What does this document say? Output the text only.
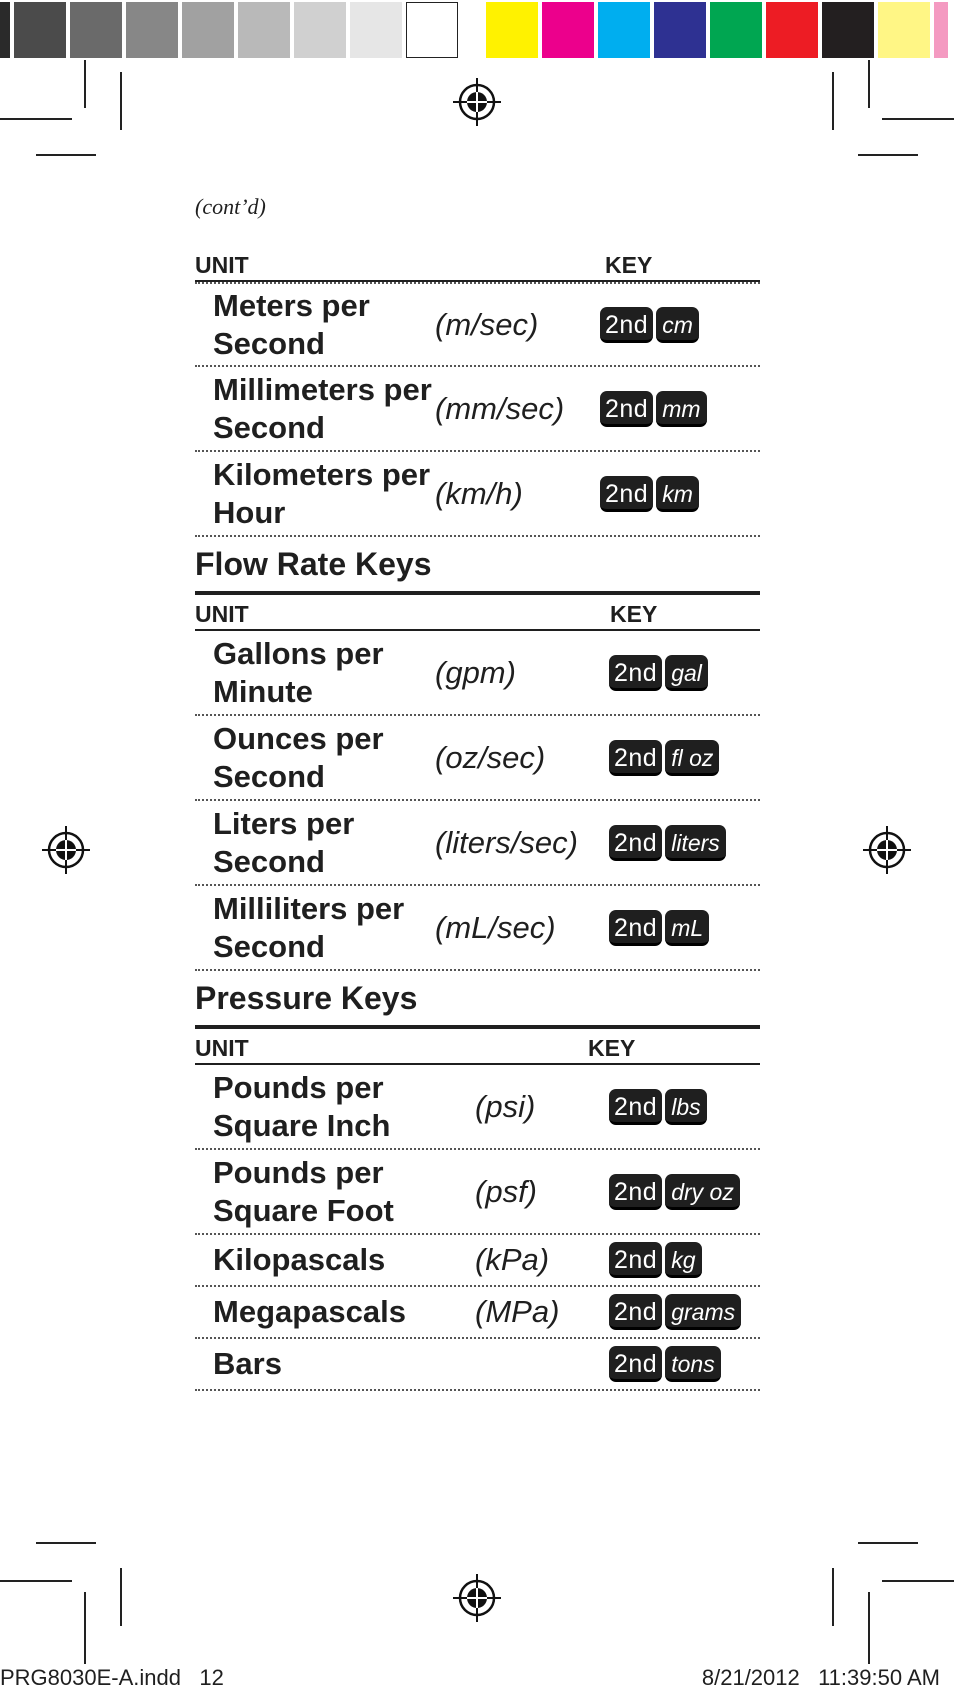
(cont’d)
UNIT	KEY
Meters per Second
(m/sec)	2nd cm
Millimeters per Second
(mm/sec) 2nd mm
Kilometers per Hour
(km/h)	2nd km
Flow Rate Keys
UNIT	KEY
Gallons per Minute
(gpm)	2nd gal
Ounces per Second
(oz/sec)	2nd fl oz
Liters per Second
(liters/sec) 2nd liters
Milliliters per Second
(mL/sec) 2nd mL
Pressure Keys
UNIT	KEY
Pounds per Square Inch
(psi)	2nd lbs
Pounds per Square Foot
(psf)	2nd dry oz
Kilopascals	(kPa)	2nd kg
Megapascals	(MPa) 2nd grams
Bars	2nd tons
PRG8030E-A.indd   12	8/21/2012   11:39:50 AM
